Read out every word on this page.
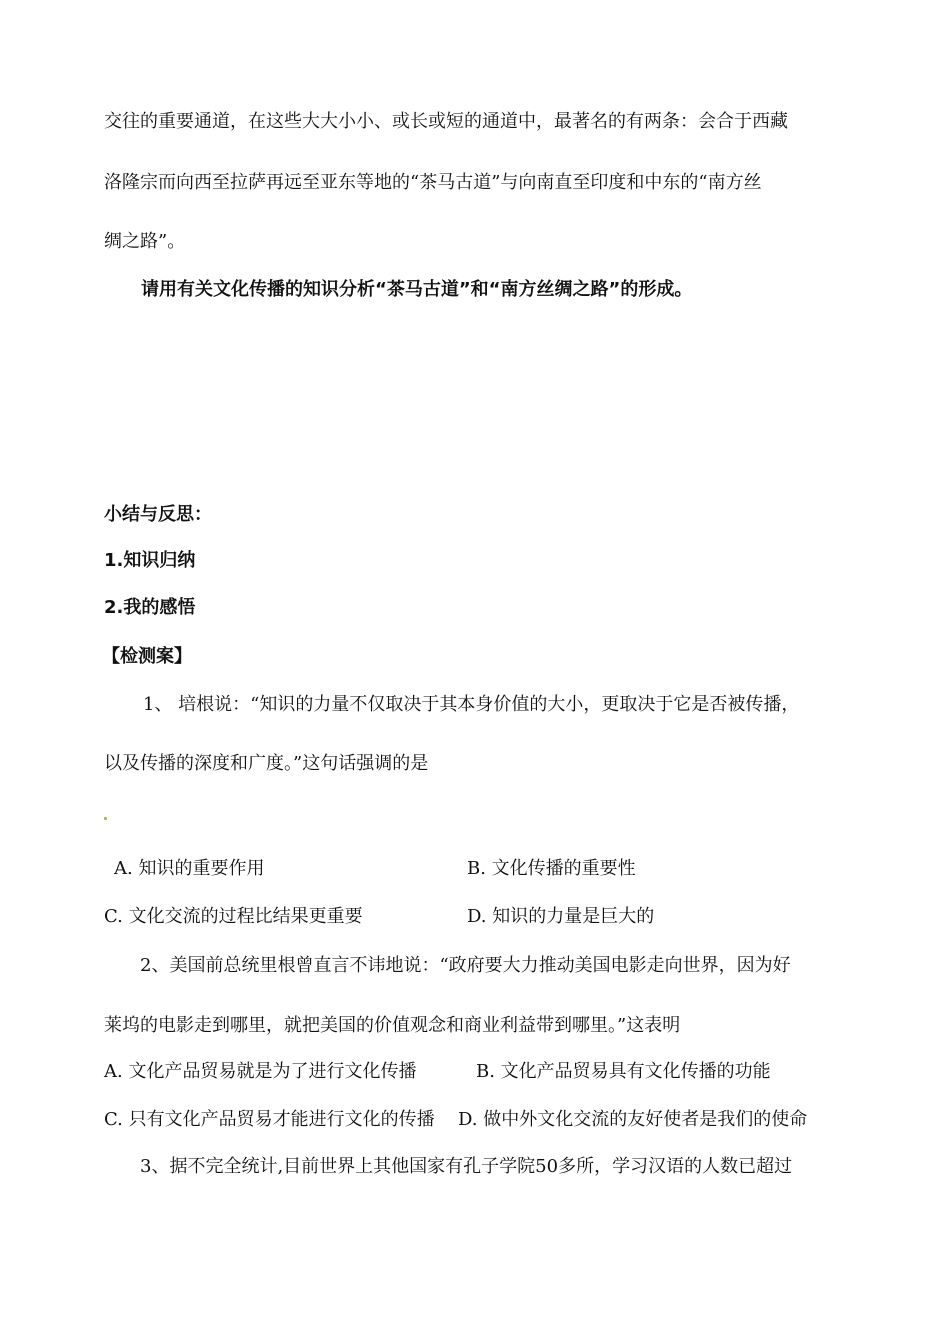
交往的重要通道，在这些大大小小、或长或短的通道中，最著名的有两条：会合于西藏
洛隆宗而向西至拉萨再远至亚东等地的“茶马古道”与向南直至印度和中东的“南方丝
绸之路”。
请用有关文化传播的知识分析“茶马古道”和“南方丝绸之路”的形成。
小结与反思：
1.知识归纳
2.我的感悟
【检测案】
1、 培根说：“知识的力量不仅取决于其本身价值的大小，更取决于它是否被传播，
以及传播的深度和广度。”这句话强调的是
A. 知识的重要作用	B. 文化传播的重要性
C. 文化交流的过程比结果更重要	D. 知识的力量是巨大的
2、美国前总统里根曾直言不讳地说：“政府要大力推动美国电影走向世界，因为好
莱坞的电影走到哪里，就把美国的价值观念和商业利益带到哪里。”这表明
A. 文化产品贸易就是为了进行文化传播	B. 文化产品贸易具有文化传播的功能
C. 只有文化产品贸易才能进行文化的传播 D. 做中外文化交流的友好使者是我们的使命
3、据不完全统计,目前世界上其他国家有孔子学院50多所，学习汉语的人数已超过
